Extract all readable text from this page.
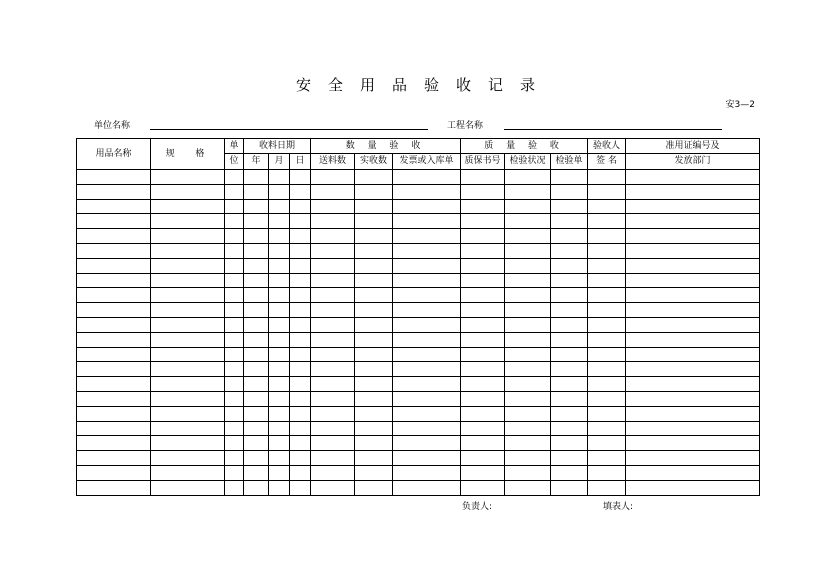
安全用品验收记录
安3—2
单位名称	工程名称
用品名称	规  格	单	收料日期			数 量 验 收			质 量 验 收			验收人	准用证编号及
		位	年	月	日	送料数	实收数	发票或入库单	质保书号	检验状况	检验单	签 名	发放部门

负责人:	填表人:
